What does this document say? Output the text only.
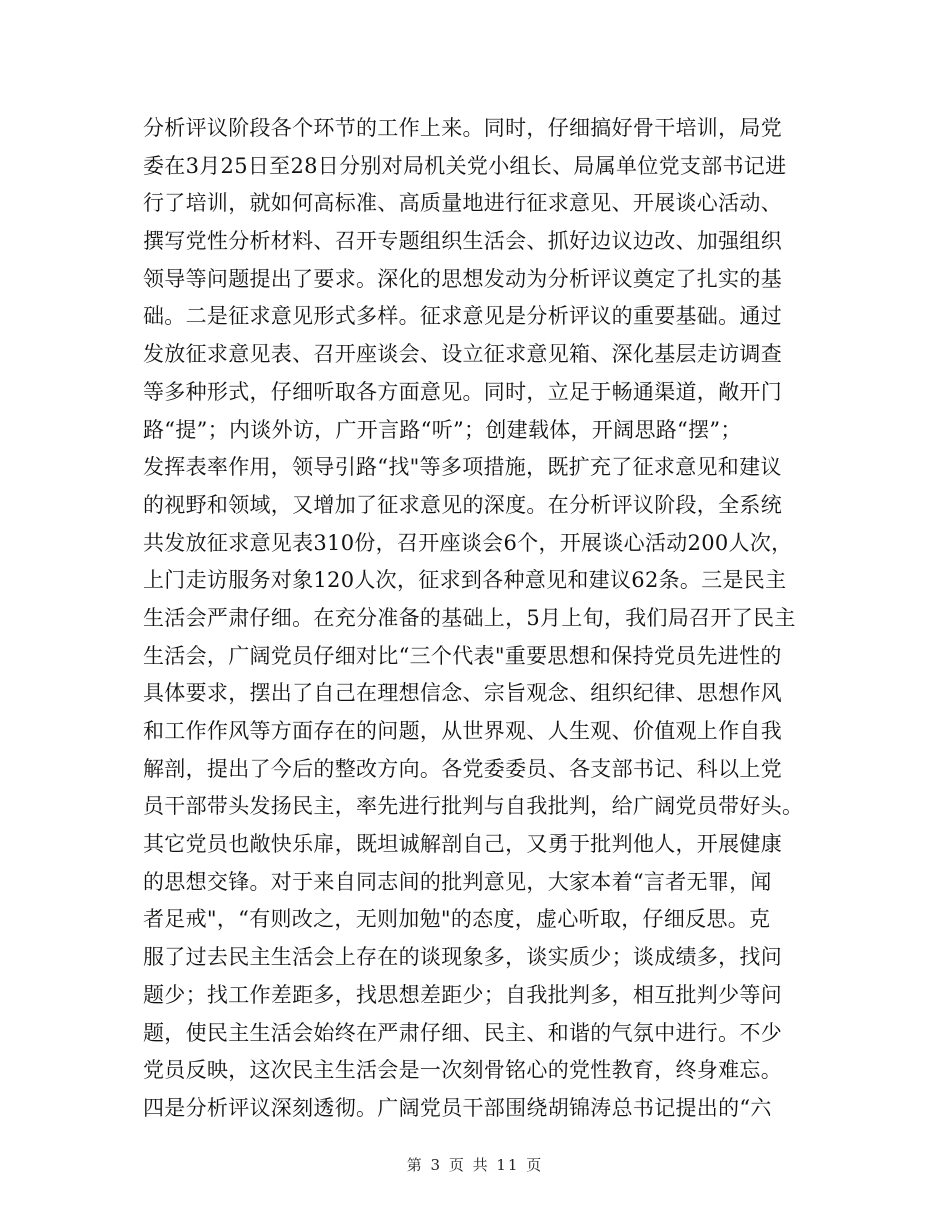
分析评议阶段各个环节的工作上来。同时，仔细搞好骨干培训，局党
委在3月25日至28日分别对局机关党小组长、局属单位党支部书记进
行了培训，就如何高标准、高质量地进行征求意见、开展谈心活动、
撰写党性分析材料、召开专题组织生活会、抓好边议边改、加强组织
领导等问题提出了要求。深化的思想发动为分析评议奠定了扎实的基
础。二是征求意见形式多样。征求意见是分析评议的重要基础。通过
发放征求意见表、召开座谈会、设立征求意见箱、深化基层走访调查
等多种形式，仔细听取各方面意见。同时，立足于畅通渠道，敞开门
路“提”；内谈外访，广开言路“听”；创建载体，开阔思路“摆”；
发挥表率作用，领导引路“找"等多项措施，既扩充了征求意见和建议
的视野和领域，又增加了征求意见的深度。在分析评议阶段，全系统
共发放征求意见表310份，召开座谈会6个，开展谈心活动200人次，
上门走访服务对象120人次，征求到各种意见和建议62条。三是民主
生活会严肃仔细。在充分准备的基础上，5月上旬，我们局召开了民主
生活会，广阔党员仔细对比“三个代表"重要思想和保持党员先进性的
具体要求，摆出了自己在理想信念、宗旨观念、组织纪律、思想作风
和工作作风等方面存在的问题，从世界观、人生观、价值观上作自我
解剖，提出了今后的整改方向。各党委委员、各支部书记、科以上党
员干部带头发扬民主，率先进行批判与自我批判，给广阔党员带好头。
其它党员也敞快乐扉，既坦诚解剖自己，又勇于批判他人，开展健康
的思想交锋。对于来自同志间的批判意见，大家本着“言者无罪，闻
者足戒"，“有则改之，无则加勉"的态度，虚心听取，仔细反思。克
服了过去民主生活会上存在的谈现象多，谈实质少；谈成绩多，找问
题少；找工作差距多，找思想差距少；自我批判多，相互批判少等问
题，使民主生活会始终在严肃仔细、民主、和谐的气氛中进行。不少
党员反映，这次民主生活会是一次刻骨铭心的党性教育，终身难忘。
四是分析评议深刻透彻。广阔党员干部围绕胡锦涛总书记提出的“六
第 3 页 共 11 页
